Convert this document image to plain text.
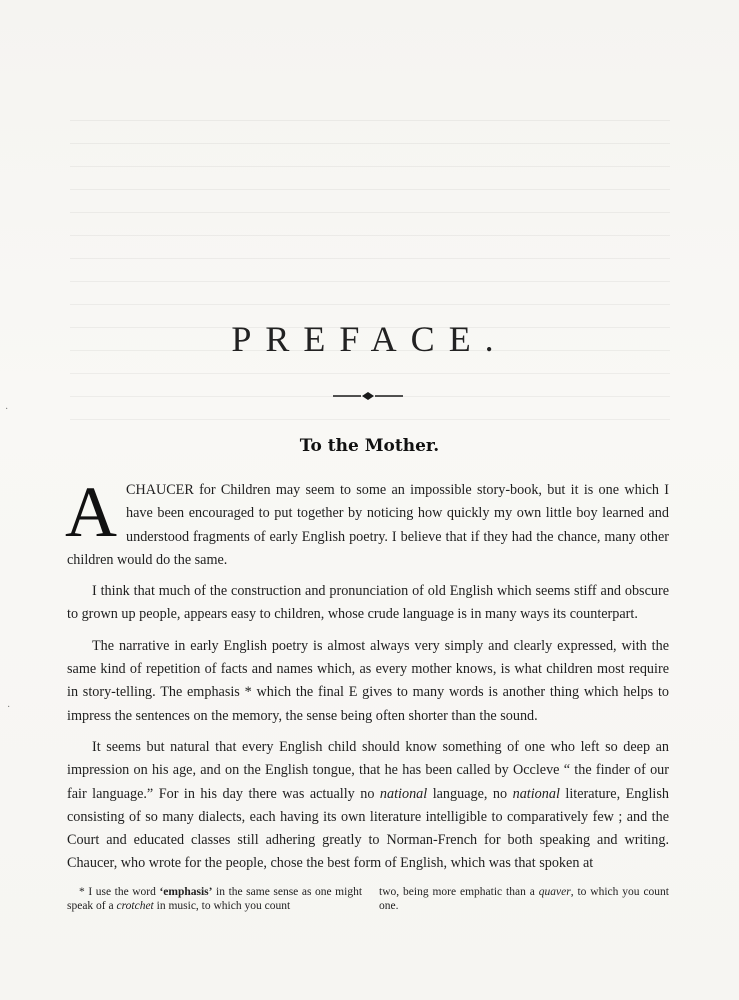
·
·
PREFACE.
To the Mother.

ACHAUCER for Children may seem to some an impossible story-book, but it is one which I have been encouraged to put together by noticing how quickly my own little boy learned and understood fragments of early English poetry. I believe that if they had the chance, many other children would do the same.

I think that much of the construction and pronunciation of old English which seems stiff and obscure to grown up people, appears easy to children, whose crude language is in many ways its counterpart.

The narrative in early English poetry is almost always very simply and clearly expressed, with the same kind of repetition of facts and names which, as every mother knows, is what children most require in story-telling. The emphasis * which the final E gives to many words is another thing which helps to impress the sentences on the memory, the sense being often shorter than the sound.

It seems but natural that every English child should know something of one who left so deep an impression on his age, and on the English tongue, that he has been called by Occleve “ the finder of our fair language.” For in his day there was actually no national language, no national literature, English consisting of so many dialects, each having its own literature intelligible to comparatively few ; and the Court and educated classes still adhering greatly to Norman-French for both speaking and writing. Chaucer, who wrote for the people, chose the best form of English, which was that spoken at

* I use the word ‘emphasis’ in the same sense as one might speak of a crotchet in music, to which you count
two, being more emphatic than a quaver, to which you count one.
